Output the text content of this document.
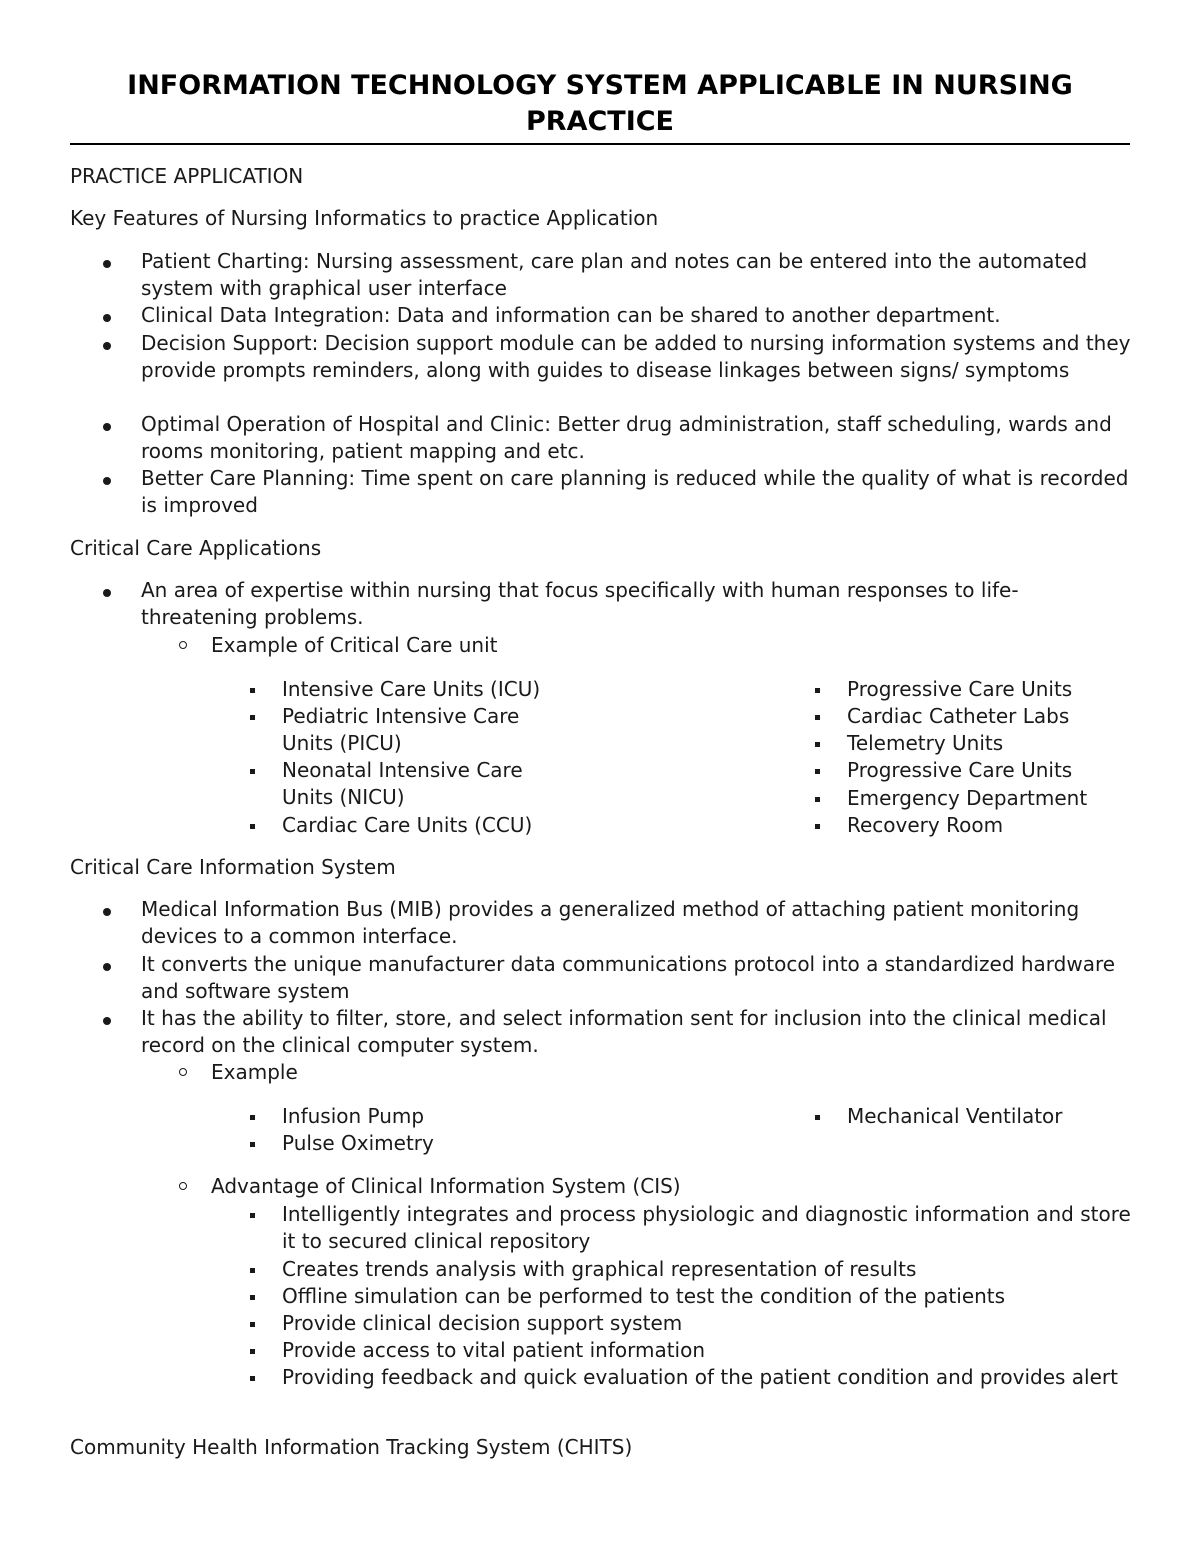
INFORMATION TECHNOLOGY SYSTEM APPLICABLE IN NURSING PRACTICE
PRACTICE APPLICATION
Key Features of Nursing Informatics to practice Application
Patient Charting: Nursing assessment, care plan and notes can be entered into the automated system with graphical user interface
Clinical Data Integration: Data and information can be shared to another department.
Decision Support: Decision support module can be added to nursing information systems and they provide prompts reminders, along with guides to disease linkages between signs/ symptoms
Optimal Operation of Hospital and Clinic: Better drug administration, staff scheduling, wards and rooms monitoring, patient mapping and etc.
Better Care Planning: Time spent on care planning is reduced while the quality of what is recorded is improved
Critical Care Applications
An area of expertise within nursing that focus specifically with human responses to life-threatening problems.
Example of Critical Care unit
Intensive Care Units (ICU)
Pediatric Intensive Care Units (PICU)
Neonatal Intensive Care Units (NICU)
Cardiac Care Units (CCU)
Progressive Care Units
Cardiac Catheter Labs
Telemetry Units
Progressive Care Units
Emergency Department
Recovery Room
Critical Care Information System
Medical Information Bus (MIB) provides a generalized method of attaching patient monitoring devices to a common interface.
It converts the unique manufacturer data communications protocol into a standardized hardware and software system
It has the ability to filter, store, and select information sent for inclusion into the clinical medical record on the clinical computer system.
Example
Infusion Pump
Pulse Oximetry
Mechanical Ventilator
Advantage of Clinical Information System (CIS)
Intelligently integrates and process physiologic and diagnostic information and store it to secured clinical repository
Creates trends analysis with graphical representation of results
Offline simulation can be performed to test the condition of the patients
Provide clinical decision support system
Provide access to vital patient information
Providing feedback and quick evaluation of the patient condition and provides alert
Community Health Information Tracking System (CHITS)
